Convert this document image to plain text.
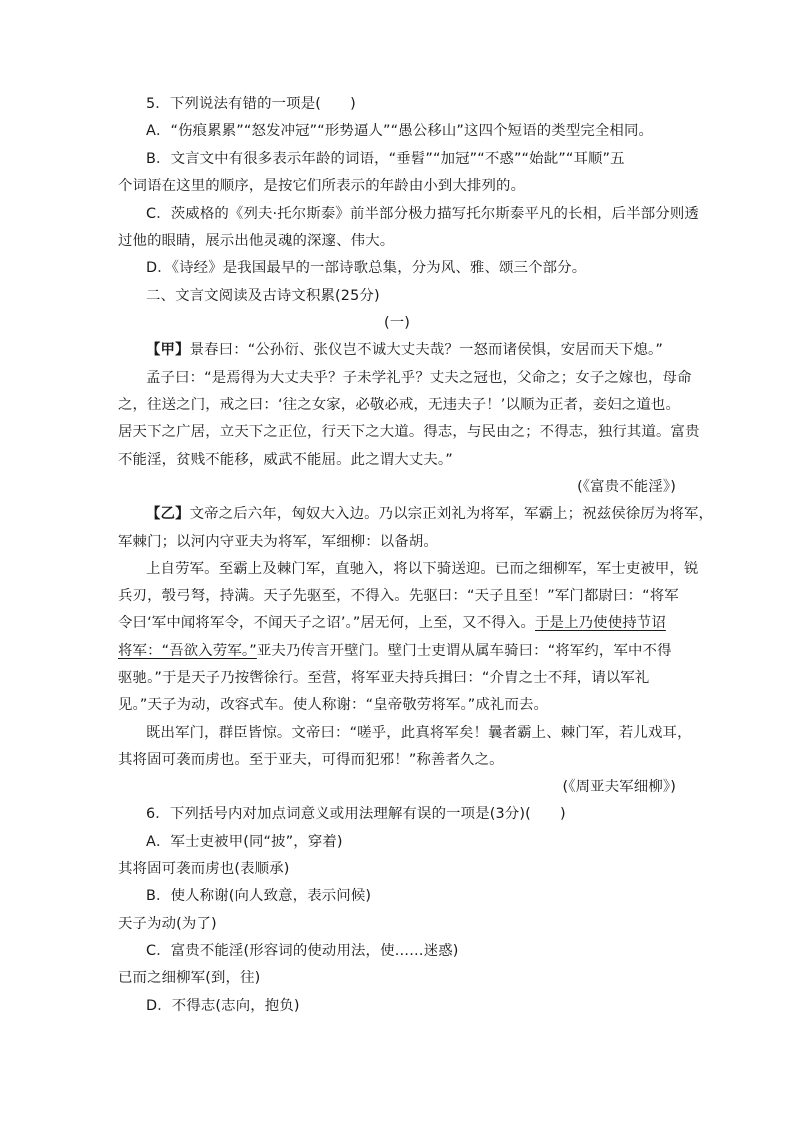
5．下列说法有错的一项是(　　)
A．“伤痕累累”“怒发冲冠”“形势逼人”“愚公移山”这四个短语的类型完全相同。
B．文言文中有很多表示年龄的词语，“垂髫”“加冠”“不惑”“始龀”“耳顺”五
个词语在这里的顺序，是按它们所表示的年龄由小到大排列的。
C．茨威格的《列夫·托尔斯泰》前半部分极力描写托尔斯泰平凡的长相，后半部分则透
过他的眼睛，展示出他灵魂的深邃、伟大。
D．《诗经》是我国最早的一部诗歌总集，分为风、雅、颂三个部分。
二、文言文阅读及古诗文积累(25分)
(一)
【甲】景春曰：“公孙衍、张仪岂不诚大丈夫哉？一怒而诸侯惧，安居而天下熄。”
孟子曰：“是焉得为大丈夫乎？子未学礼乎？丈夫之冠也，父命之；女子之嫁也，母命
之，往送之门，戒之曰：‘往之女家，必敬必戒，无违夫子！’以顺为正者，妾妇之道也。
居天下之广居，立天下之正位，行天下之大道。得志，与民由之；不得志，独行其道。富贵
不能淫，贫贱不能移，威武不能屈。此之谓大丈夫。”
(《富贵不能淫》)
【乙】文帝之后六年，匈奴大入边。乃以宗正刘礼为将军，军霸上；祝兹侯徐厉为将军，
军棘门；以河内守亚夫为将军，军细柳：以备胡。
上自劳军。至霸上及棘门军，直驰入，将以下骑送迎。已而之细柳军，军士吏被甲，锐
兵刃，彀弓弩，持满。天子先驱至，不得入。先驱曰：“天子且至！”军门都尉曰：“将军
令曰‘军中闻将军令，不闻天子之诏’。”居无何，上至，又不得入。于是上乃使使持节诏
将军：“吾欲入劳军。”亚夫乃传言开壁门。壁门士吏谓从属车骑曰：“将军约，军中不得
驱驰。”于是天子乃按辔徐行。至营，将军亚夫持兵揖曰：“介胄之士不拜，请以军礼
见。”天子为动，改容式车。使人称谢：“皇帝敬劳将军。”成礼而去。
既出军门，群臣皆惊。文帝曰：“嗟乎，此真将军矣！曩者霸上、棘门军，若儿戏耳，
其将固可袭而虏也。至于亚夫，可得而犯邪！”称善者久之。
(《周亚夫军细柳》)
6．下列括号内对加点词意义或用法理解有误的一项是(3分)(　　)
A．军士吏被甲(同“披”，穿着)
其将固可袭而虏也(表顺承)
B．使人称谢(向人致意，表示问候)
天子为动(为了)
C．富贵不能淫(形容词的使动用法，使……迷惑)
已而之细柳军(到，往)
D．不得志(志向，抱负)
